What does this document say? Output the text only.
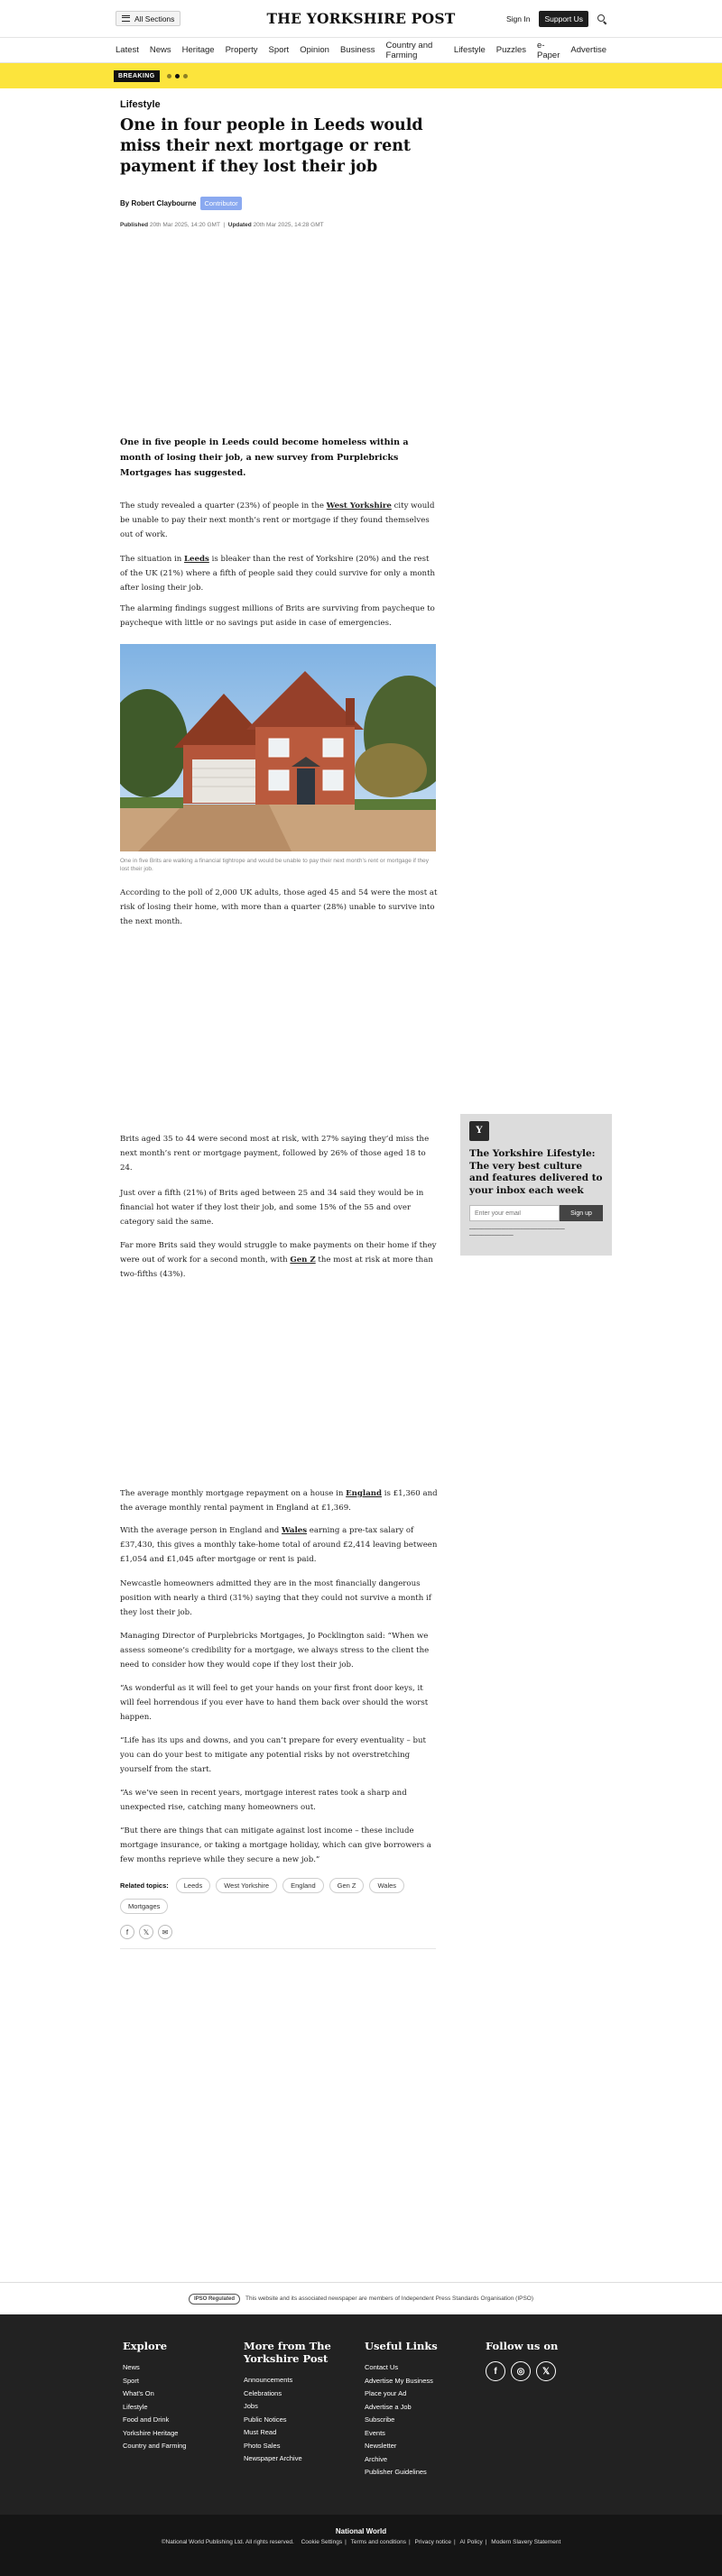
All Sections	THE YORKSHIRE POST	Sign In	Support Us
Latest News Heritage Property Sport Opinion Business Country and Farming	Lifestyle Puzzles e-Paper Advertise
BREAKING
Lifestyle
One in four people in Leeds would miss their next mortgage or rent payment if they lost their job
By Robert Claybourne	Contributor
Published 20th Mar 2025, 14:20 GMT  |  Updated 20th Mar 2025, 14:28 GMT

One in five people in Leeds could become homeless within a month of losing their job, a new survey from Purplebricks Mortgages has suggested.

The study revealed a quarter (23%) of people in the West Yorkshire city would be unable to pay their next month’s rent or mortgage if they found themselves out of work.

The situation in Leeds is bleaker than the rest of Yorkshire (20%) and the rest of the UK (21%) where a fifth of people said they could survive for only a month after losing their job.

The alarming findings suggest millions of Brits are surviving from paycheque to paycheque with little or no savings put aside in case of emergencies.

One in five Brits are walking a financial tightrope and would be unable to pay their next month’s rent or mortgage if they lost their job.

According to the poll of 2,000 UK adults, those aged 45 and 54 were the most at risk of losing their home, with more than a quarter (28%) unable to survive into the next month.

Brits aged 35 to 44 were second most at risk, with 27% saying they’d miss the next month’s rent or mortgage payment, followed by 26% of those aged 18 to 24.

Just over a fifth (21%) of Brits aged between 25 and 34 said they would be in financial hot water if they lost their job, and some 15% of the 55 and over category said the same.

Far more Brits said they would struggle to make payments on their home if they were out of work for a second month, with Gen Z the most at risk at more than two-fifths (43%).

The average monthly mortgage repayment on a house in England is £1,360 and the average monthly rental payment in England at £1,369.

With the average person in England and Wales earning a pre-tax salary of £37,430, this gives a monthly take-home total of around £2,414 leaving between £1,054 and £1,045 after mortgage or rent is paid.

Newcastle homeowners admitted they are in the most financially dangerous position with nearly a third (31%) saying that they could not survive a month if they lost their job.

Managing Director of Purplebricks Mortgages, Jo Pocklington said: “When we assess someone’s credibility for a mortgage, we always stress to the client the need to consider how they would cope if they lost their job.

“As wonderful as it will feel to get your hands on your first front door keys, it will feel horrendous if you ever have to hand them back over should the worst happen.

“Life has its ups and downs, and you can’t prepare for every eventuality – but you can do your best to mitigate any potential risks by not overstretching yourself from the start.

“As we’ve seen in recent years, mortgage interest rates took a sharp and unexpected rise, catching many homeowners out.

“But there are things that can mitigate against lost income – these include mortgage insurance, or taking a mortgage holiday, which can give borrowers a few months reprieve while they secure a new job.”

Y
The Yorkshire Lifestyle: The very best culture and features delivered to your inbox each week
Enter your email
Sign up
━━━━━━━━━━━━━━━━━━━━━━━━━━━━━━━━━━━━━━━
━━━━━━━━━━━━━━━━━━
Related topics:	Leeds	West Yorkshire	England	Gen Z	Wales
Mortgages
f	𝕏	✉
IPSO Regulated	This website and its associated newspaper are members of Independent Press Standards Organisation (IPSO)
Explore
News
Sport
What's On
Lifestyle
Food and Drink
Yorkshire Heritage
Country and Farming
More from The Yorkshire Post
Announcements
Celebrations
Jobs
Public Notices
Must Read
Photo Sales
Newspaper Archive
Useful Links
Contact Us
Advertise My Business
Place your Ad
Advertise a Job
Subscribe
Events
Newsletter
Archive
Publisher Guidelines
Follow us on
f	◎	𝕏
National World
©National World Publishing Ltd. All rights reserved. Cookie Settings | Terms and conditions | Privacy notice | AI Policy | Modern Slavery Statement
